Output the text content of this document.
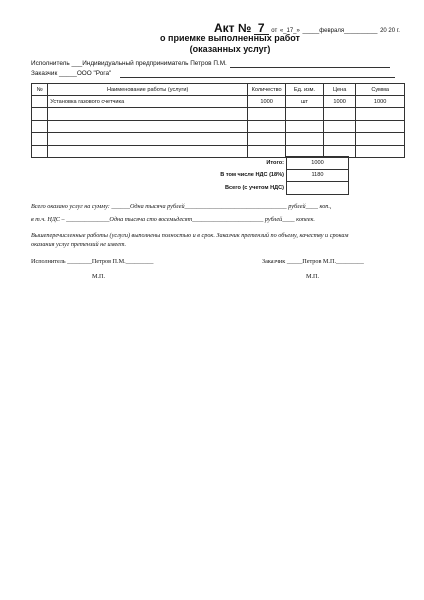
Акт № 7 от «_17_» _____февраля__________ 20 20 г.
о приемке выполненных работ
(оказанных услуг)
Исполнитель ___Индивидуальный предприниматель Петров П.М.
Заказчик _____ООО "Рога"
№	Наименование работы (услуги)	Количество	Ед. изм.	Цена	Сумма
	Установка газового счетчика	1000	шт	1000	1000

Итого:	1000	
В том числе НДС (18%)	1180	
Всего (с учетом НДС)		
Всего оказано услуг на сумму: ______Одна тысяча рублей_________________________________ рублей____ коп.,
в т.ч. НДС – ______________Одна тысяча сто восемьдесят_______________________ рублей____ копеек.
Вышеперечисленные работы (услуги) выполнены полностью и в срок. Заказчик претензий по объему, качеству и срокам
оказания услуг претензий не имеет.
Исполнитель ________Петров П.М._________	Заказчик _____Петров М.П._________
М.П.	М.П.
